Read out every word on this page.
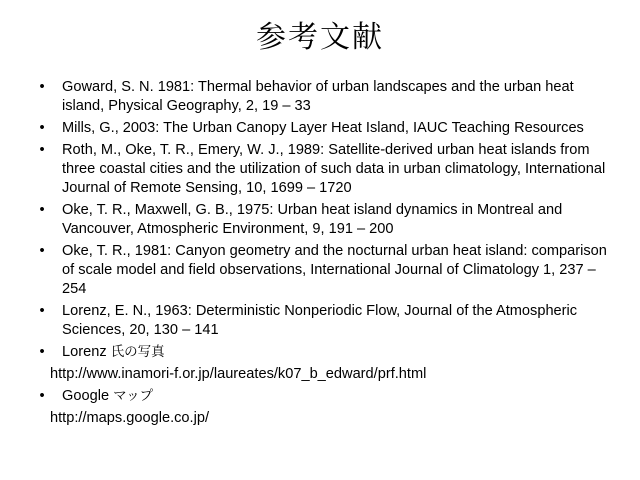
参考文献
• Goward, S. N. 1981: Thermal behavior of urban landscapes and the urban heat island, Physical Geography, 2, 19 – 33
• Mills, G., 2003: The Urban Canopy Layer Heat Island, IAUC Teaching Resources
• Roth, M., Oke, T. R., Emery, W. J., 1989: Satellite-derived urban heat islands from three coastal cities and the utilization of such data in urban climatology, International Journal of Remote Sensing, 10, 1699 – 1720
• Oke, T. R., Maxwell, G. B., 1975: Urban heat island dynamics in Montreal and Vancouver, Atmospheric Environment, 9, 191 – 200
• Oke, T. R., 1981: Canyon geometry and the nocturnal urban heat island: comparison of scale model and field observations, International Journal of Climatology 1, 237 – 254
• Lorenz, E. N., 1963: Deterministic Nonperiodic Flow, Journal of the Atmospheric Sciences, 20, 130 – 141
• Lorenz 氏の写真
http://www.inamori-f.or.jp/laureates/k07_b_edward/prf.html
• Google マップ
http://maps.google.co.jp/
